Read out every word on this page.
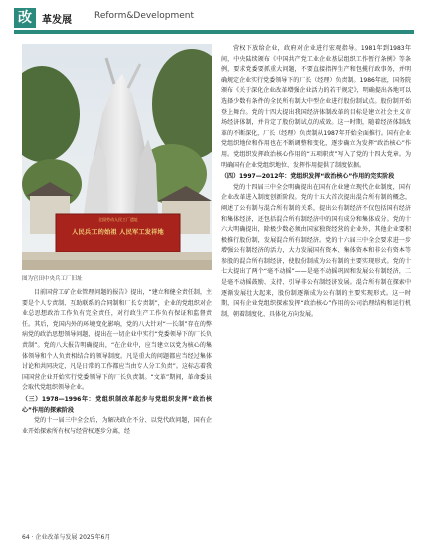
改	革发展 Reform&Development
全国劳动人民工厂遗址
人民兵工的始祖 人民军工发祥地
图为官田中央兵工厂旧址

目前国营工矿企业管理问题的报告》提出，“建立和健全责任制，主要是个人专责制、互助联系的合同制和厂长专责制”，企业的党组织对企业总思想政治工作负有完全责任，对行政生产工作负有保证和监督责任。其后，党国内外的环境变化影响，党的八大针对“一长制”存在的弊病党的政治思想领导问题，提出在一切企业中实行“党委领导下的厂长负责制”。党的八大报告明确提出，“在企业中，应当建立以党为核心的集体领导和个人负责相结合的领导制度。凡是重大的问题都应当经过集体讨论和共同决定，凡是日常的工作都应当由专人分工负责”。这标志着我国国营企业开始实行党委领导下的厂长负责制。“文革”期间，革命委员会取代党组织领导企业。

（三）1978—1996年：党组织制改革起步与党组织发挥“政治核心”作用的探索阶段

党的十一届三中全会后，为解决政企不分、以党代政问题，国有企业开始探索所有权与经营权逐步分离，经

营权下放给企业，政府对企业进行宏观指导。1981年到1983年间，中央陆续颁布《中国共产党工业企业基层组织工作暂行条例》等条例，要求党委要抓重大问题，不要直接指挥生产和包揽行政事务，并明确规定企业实行党委领导下的厂长（经理）负责制。1986年底，国务院颁布《关于深化企业改革增强企业活力的若干规定》，明确提出各地可以选择少数有条件的全民所有制大中型企业进行股份制试点。股份制开始登上舞台。党的十四大提出我国经济体制改革的目标是建立社会主义市场经济体制，并肯定了股份制试点的成效。这一时期，随着经济体制改革的不断深化，厂长（经理）负责制从1987年开始全面推行。国有企业党组织地位和作用也在不断调整和变化，逐步确立为发挥“政治核心”作用。党组织发挥政治核心作用的“五项职责”写入了党的十四大党章。为明确国有企业党组织地位、发挥作用提供了制度依据。

（四）1997—2012年：党组织发挥“政治核心”作用的完实阶段

党的十四届三中全会明确提出在国有企业建立现代企业制度，国有企业改革进入制度创新阶段。党的十五大首次提出混合所有制的概念，阐述了公有制与混合所有制的关系，提出公有制经济不仅包括国有经济和集体经济，还包括混合所有制经济中的国有成分和集体成分。党的十六大明确提出，除极少数必须由国家独资经营的企业外，其他企业要积极推行股份制，发展混合所有制经济。党的十六届三中全会要求进一步增强公有制经济的活力，大力发展国有资本、集体资本和非公有资本等参股的混合所有制经济，使股份制成为公有制的主要实现形式。党的十七大提出了两个“毫不动摇”——是毫不动摇巩固和发展公有制经济，二是毫不动摇鼓励、支持、引导非公有制经济发展。混合所有制在探索中逐渐发展壮大起来，股份制逐渐成为公有制的主要实现形式。这一时期，国有企业党组织探索发挥“政治核心”作用的公司治理结构和运行机制，朝着制度化、具体化方向发展。

64 · 企业改革与发展 2025年6月
